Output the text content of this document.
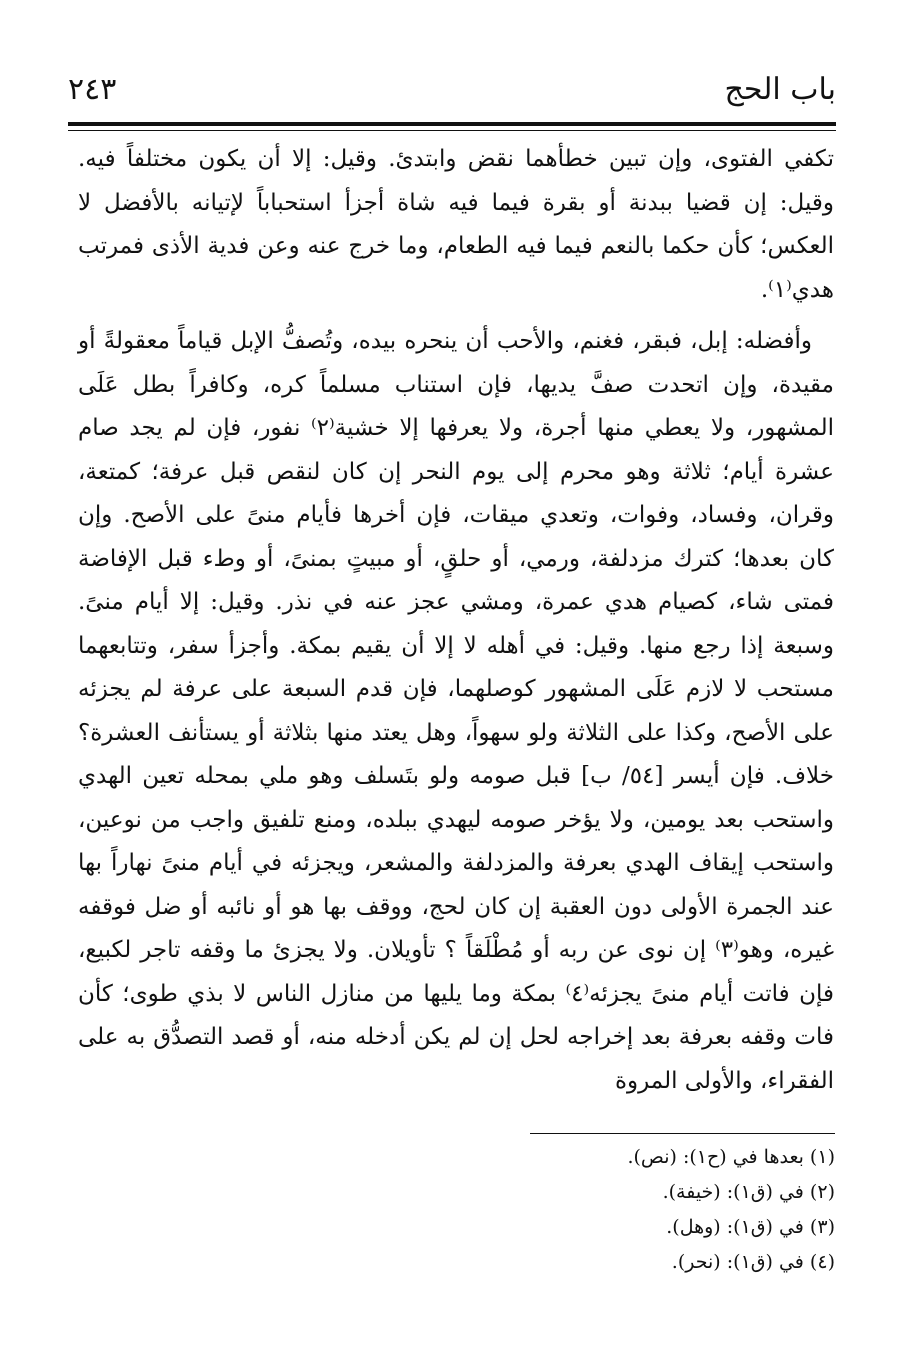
باب الحج
٢٤٣

تكفي الفتوى، وإن تبين خطأهما نقض وابتدئ. وقيل: إلا أن يكون مختلفاً فيه. وقيل: إن قضيا ببدنة أو بقرة فيما فيه شاة أجزأ استحباباً لإتيانه بالأفضل لا العكس؛ كأن حكما بالنعم فيما فيه الطعام، وما خرج عنه وعن فدية الأذى فمرتب هدي⁽١⁾.

وأفضله: إبل، فبقر، فغنم، والأحب أن ينحره بيده، وتُصفُّ الإبل قياماً معقولةً أو مقيدة، وإن اتحدت صفَّ يديها، فإن استناب مسلماً كره، وكافراً بطل عَلَى المشهور، ولا يعطي منها أجرة، ولا يعرفها إلا خشية⁽٢⁾ نفور، فإن لم يجد صام عشرة أيام؛ ثلاثة وهو محرم إلى يوم النحر إن كان لنقص قبل عرفة؛ كمتعة، وقران، وفساد، وفوات، وتعدي ميقات، فإن أخرها فأيام منىً على الأصح. وإن كان بعدها؛ كترك مزدلفة، ورمي، أو حلقٍ، أو مبيتٍ بمنىً، أو وطء قبل الإفاضة فمتى شاء، كصيام هدي عمرة، ومشي عجز عنه في نذر. وقيل: إلا أيام منىً. وسبعة إذا رجع منها. وقيل: في أهله لا إلا أن يقيم بمكة. وأجزأ سفر، وتتابعهما مستحب لا لازم عَلَى المشهور كوصلهما، فإن قدم السبعة على عرفة لم يجزئه على الأصح، وكذا على الثلاثة ولو سهواً، وهل يعتد منها بثلاثة أو يستأنف العشرة؟ خلاف. فإن أيسر [٥٤/ ب] قبل صومه ولو بتَسلف وهو ملي بمحله تعين الهدي واستحب بعد يومين، ولا يؤخر صومه ليهدي ببلده، ومنع تلفيق واجب من نوعين، واستحب إيقاف الهدي بعرفة والمزدلفة والمشعر، ويجزئه في أيام منىً نهاراً بها عند الجمرة الأولى دون العقبة إن كان لحج، ووقف بها هو أو نائبه أو ضل فوقفه غيره، وهو⁽٣⁾ إن نوى عن ربه أو مُطْلَقاً ؟ تأويلان. ولا يجزئ ما وقفه تاجر لكبيع، فإن فاتت أيام منىً يجزئه⁽٤⁾ بمكة وما يليها من منازل الناس لا بذي طوى؛ كأن فات وقفه بعرفة بعد إخراجه لحل إن لم يكن أدخله منه، أو قصد التصدُّق به على الفقراء، والأولى المروة

(١) بعدها في (ح١): (نص).
(٢) في (ق١): (خيفة).
(٣) في (ق١): (وهل).
(٤) في (ق١): (نحر).
